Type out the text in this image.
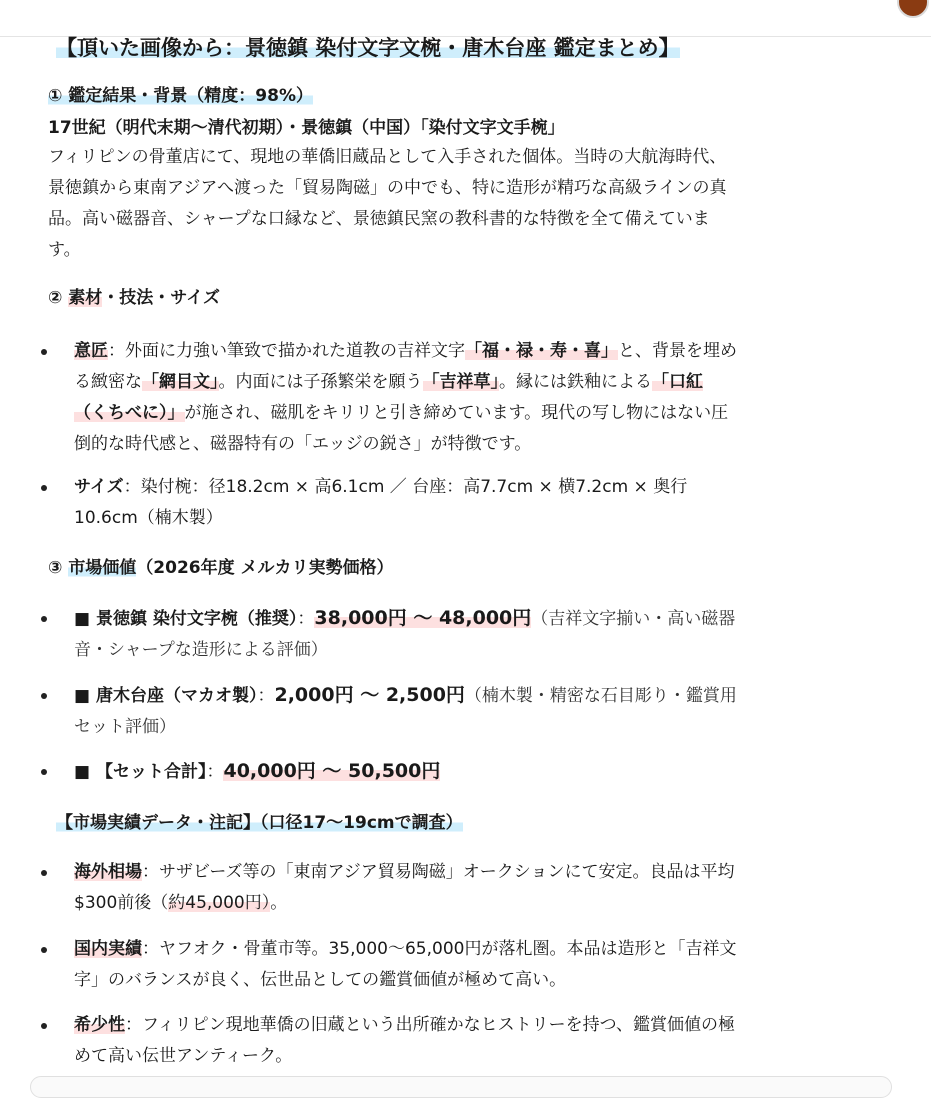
【頂いた画像から：景徳鎮 染付文字文椀・唐木台座 鑑定まとめ】
① 鑑定結果・背景（精度：98%）
17世紀（明代末期〜清代初期）・景徳鎮（中国）「染付文字文手椀」
フィリピンの骨董店にて、現地の華僑旧蔵品として入手された個体。当時の大航海時代、
景徳鎮から東南アジアへ渡った「貿易陶磁」の中でも、特に造形が精巧な高級ラインの真
品。高い磁器音、シャープな口縁など、景徳鎮民窯の教科書的な特徴を全て備えていま
す。
② 素材・技法・サイズ
意匠：外面に力強い筆致で描かれた道教の吉祥文字「福・禄・寿・喜」と、背景を埋め
る緻密な「網目文」。内面には子孫繁栄を願う「吉祥草」。縁には鉄釉による「口紅
（くちべに）」が施され、磁肌をキリリと引き締めています。現代の写し物にはない圧
倒的な時代感と、磁器特有の「エッジの鋭さ」が特徴です。
サイズ：染付椀：径18.2cm × 高6.1cm ／ 台座：高7.7cm × 横7.2cm × 奥行
10.6cm（楠木製）
③ 市場価値（2026年度 メルカリ実勢価格）
■ 景徳鎮 染付文字椀（推奨）：38,000円 〜 48,000円（吉祥文字揃い・高い磁器
音・シャープな造形による評価）
■ 唐木台座（マカオ製）：2,000円 〜 2,500円（楠木製・精密な石目彫り・鑑賞用
セット評価）
■ 【セット合計】：40,000円 〜 50,500円
【市場実績データ・注記】（口径17〜19cmで調査）
海外相場：サザビーズ等の「東南アジア貿易陶磁」オークションにて安定。良品は平均
$300前後（約45,000円）。
国内実績：ヤフオク・骨董市等。35,000〜65,000円が落札圏。本品は造形と「吉祥文
字」のバランスが良く、伝世品としての鑑賞価値が極めて高い。
希少性：フィリピン現地華僑の旧蔵という出所確かなヒストリーを持つ、鑑賞価値の極
めて高い伝世アンティーク。
